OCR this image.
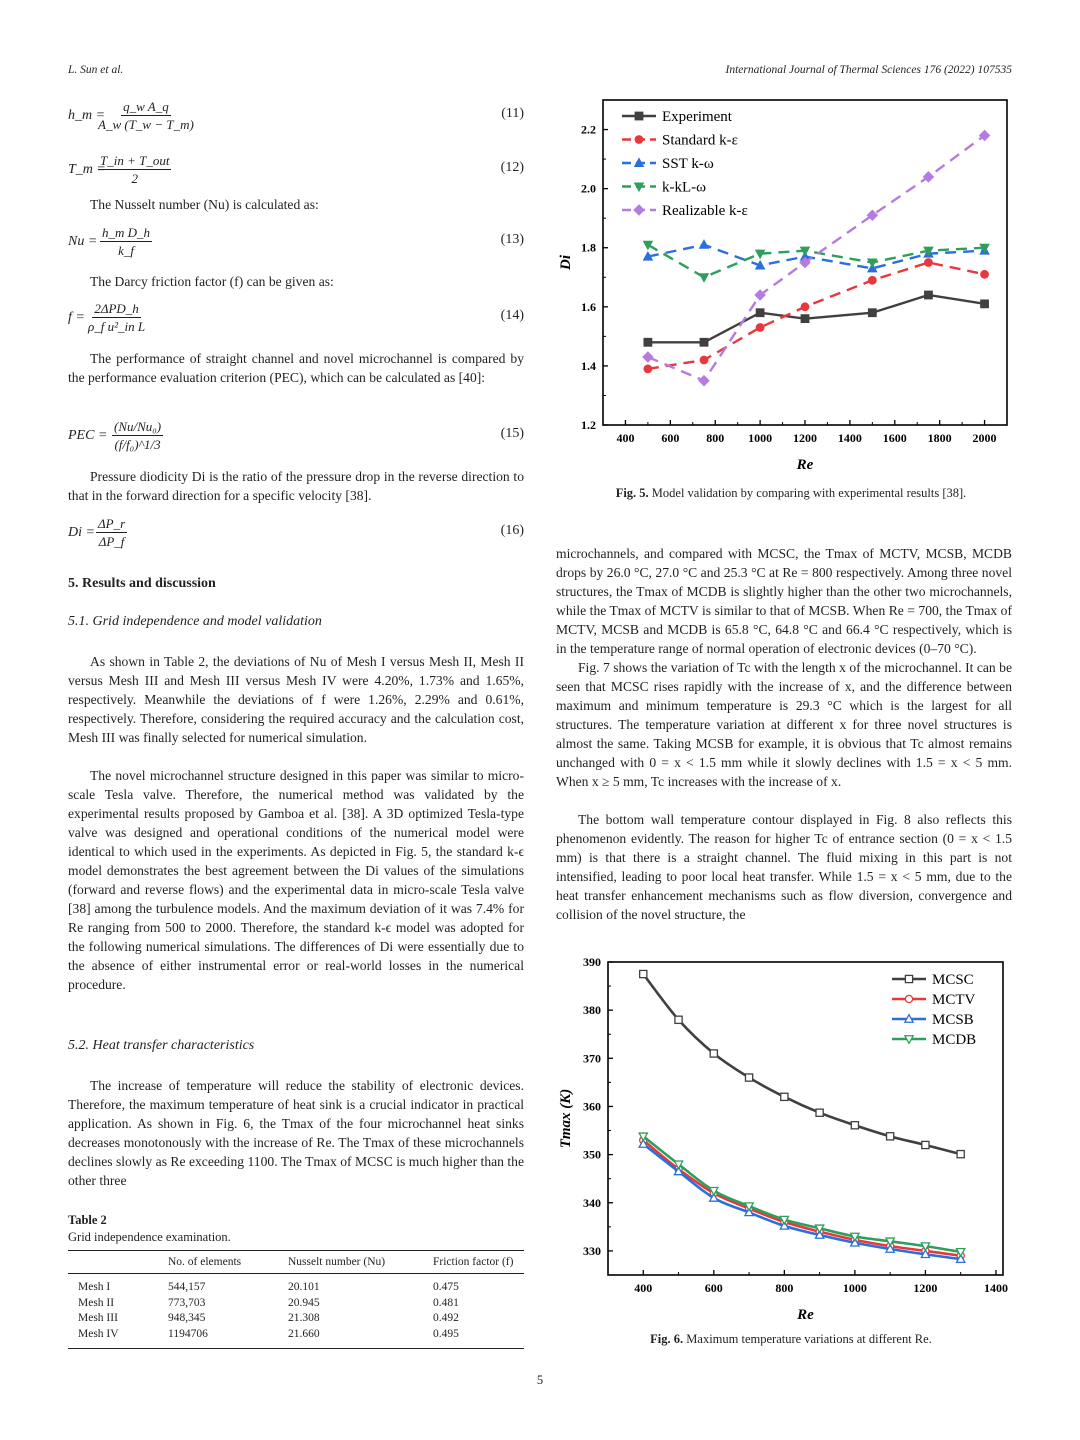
L. Sun et al.	International Journal of Thermal Sciences 176 (2022) 107535
h_m =
$\frac{\text{q\_w A\_q}}{A\_w (T\_w - T\_m)}$	(11)
T_m =
T_in + T_out
2
(12)
The Nusselt number (Nu) is calculated as:
$Nu = \frac{\text{h\_m D\_h}}{k\_f}$	(13)
The Darcy friction factor (f) can be given as:
f =
2ΔPD_h
ρ_f u²_in L
(14)
The performance of straight channel and novel microchannel is compared by the performance evaluation criterion (PEC), which can be calculated as [40]:
PEC = $\frac{\text{(Nu/Nu₀)}}{\text{(f/f₀)\textasciicircum{}1/3}}$	(15)
Pressure diodicity Di is the ratio of the pressure drop in the reverse direction to that in the forward direction for a specific velocity [38].
$Di = \frac{\Delta P\_r}{\Delta P\_f}$	(16)
5. Results and discussion
5.1. Grid independence and model validation
As shown in Table 2, the deviations of Nu of Mesh I versus Mesh II, Mesh II versus Mesh III and Mesh III versus Mesh IV were 4.20%, 1.73% and 1.65%, respectively. Meanwhile the deviations of f were 1.26%, 2.29% and 0.61%, respectively. Therefore, considering the required accuracy and the calculation cost, Mesh III was finally selected for numerical simulation.
The novel microchannel structure designed in this paper was similar to micro-scale Tesla valve. Therefore, the numerical method was validated by the experimental results proposed by Gamboa et al. [38]. A 3D optimized Tesla-type valve was designed and operational conditions of the numerical model were identical to which used in the experiments. As depicted in Fig. 5, the standard k-ϵ model demonstrates the best agreement between the Di values of the simulations (forward and reverse flows) and the experimental data in micro-scale Tesla valve [38] among the turbulence models. And the maximum deviation of it was 7.4% for Re ranging from 500 to 2000. Therefore, the standard k-ϵ model was adopted for the following numerical simulations. The differences of Di were essentially due to the absence of either instrumental error or real-world losses in the numerical procedure.
5.2. Heat transfer characteristics
The increase of temperature will reduce the stability of electronic devices. Therefore, the maximum temperature of heat sink is a crucial indicator in practical application. As shown in Fig. 6, the Tmax of the four microchannel heat sinks decreases monotonously with the increase of Re. The Tmax of these microchannels declines slowly as Re exceeding 1100. The Tmax of MCSC is much higher than the other three
Table 2
Grid independence examination.
	No. of elements	Nusselt number (Nu)	Friction factor (f)
Mesh I	544,157	20.101	0.475
Mesh II	773,703	20.945	0.481
Mesh III	948,345	21.308	0.492
Mesh IV	1194706	21.660	0.495
400 600 800 1000 1200 1400 1600 1800 2000
1.2
1.4
1.6
1.8
2.0
2.2
Re
Di
Experiment
Standard k-ε
SST k-ω
k-kL-ω
Realizable k-ε
Fig. 5. Model validation by comparing with experimental results [38].
microchannels, and compared with MCSC, the Tmax of MCTV, MCSB, MCDB drops by 26.0 °C, 27.0 °C and 25.3 °C at Re = 800 respectively. Among three novel structures, the Tmax of MCDB is slightly higher than the other two microchannels, while the Tmax of MCTV is similar to that of MCSB. When Re = 700, the Tmax of MCTV, MCSB and MCDB is 65.8 °C, 64.8 °C and 66.4 °C respectively, which is in the temperature range of normal operation of electronic devices (0–70 °C).
Fig. 7 shows the variation of Tc with the length x of the microchannel. It can be seen that MCSC rises rapidly with the increase of x, and the difference between maximum and minimum temperature is 29.3 °C which is the largest for all structures. The temperature variation at different x for three novel structures is almost the same. Taking MCSB for example, it is obvious that Tc almost remains unchanged with 0 = x < 1.5 mm while it slowly declines with 1.5 = x < 5 mm. When x ≥ 5 mm, Tc increases with the increase of x.
The bottom wall temperature contour displayed in Fig. 8 also reflects this phenomenon evidently. The reason for higher Tc of entrance section (0 = x < 1.5 mm) is that there is a straight channel. The fluid mixing in this part is not intensified, leading to poor local heat transfer. While 1.5 = x < 5 mm, due to the heat transfer enhancement mechanisms such as flow diversion, convergence and collision of the novel structure, the
400	600	800	1000	1200	1400
330
340
350
360
370
380
390
Re
Tmax (K)
MCSC
MCTV
MCSB
MCDB
Fig. 6. Maximum temperature variations at different Re.
5
